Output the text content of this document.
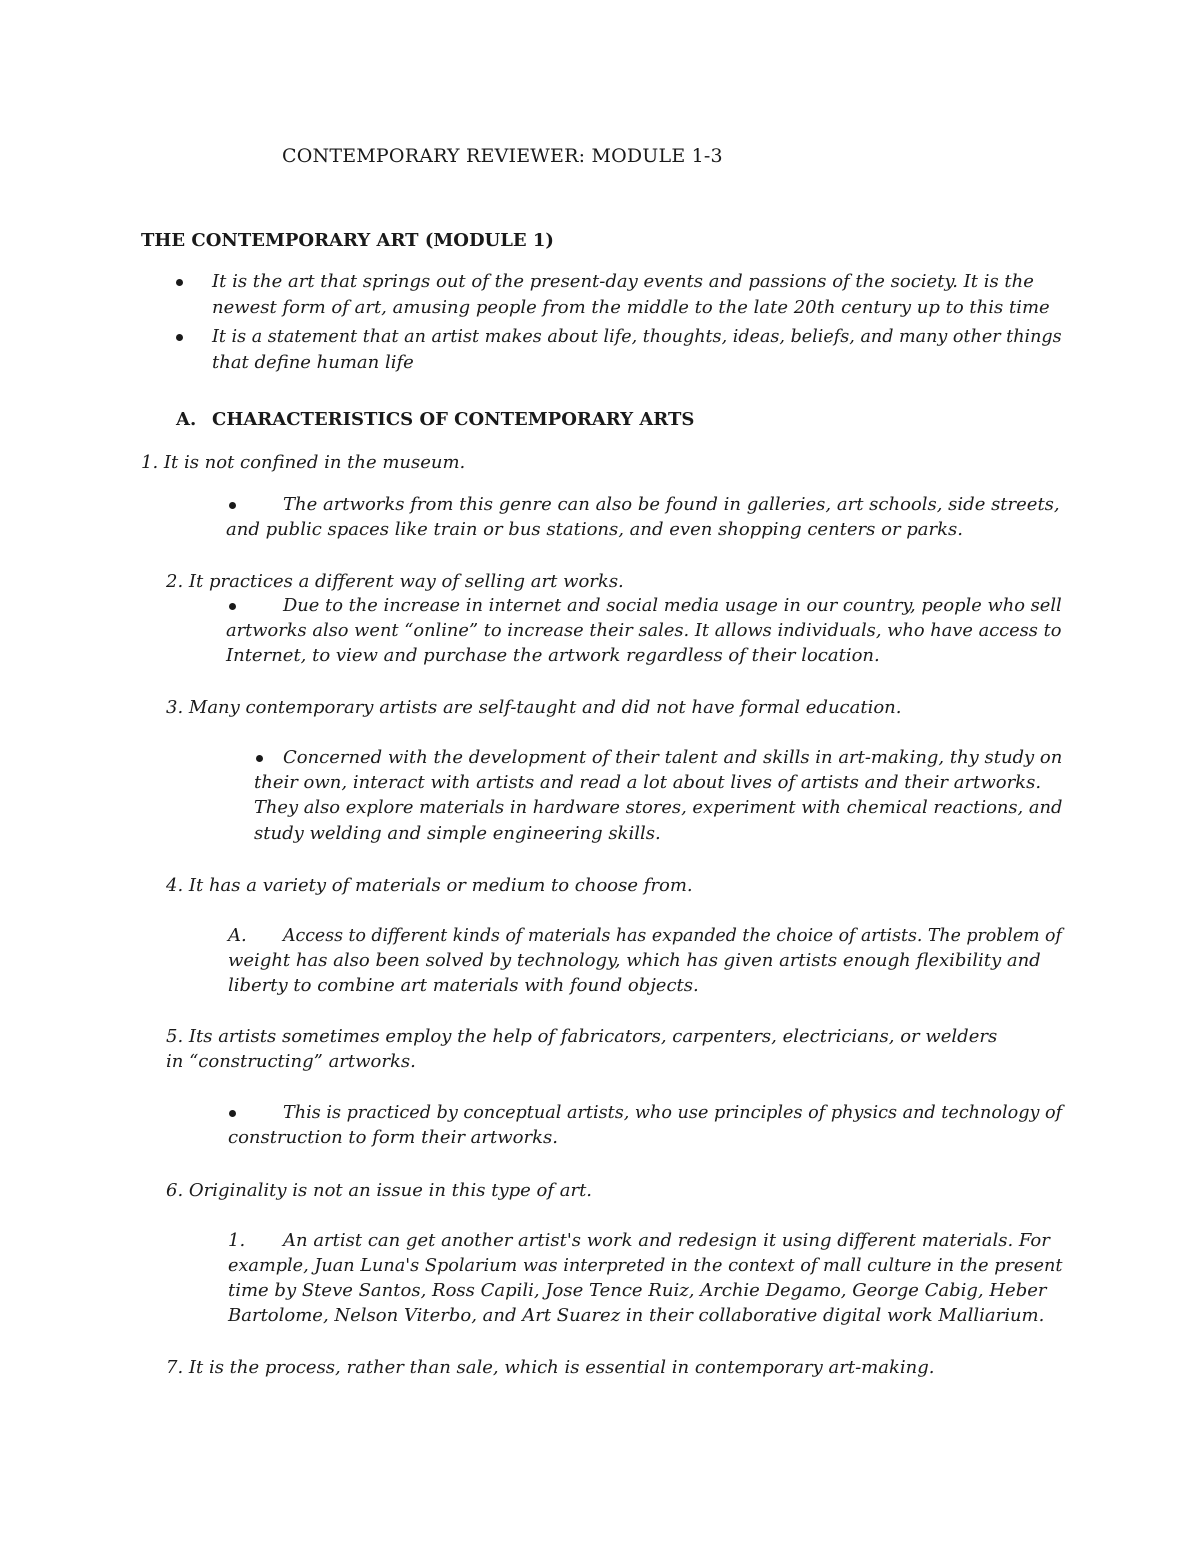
CONTEMPORARY REVIEWER: MODULE 1-3
THE CONTEMPORARY ART (MODULE 1)
It is the art that springs out of the present-day events and passions of the society. It is the
newest form of art, amusing people from the middle to the late 20th century up to this time
It is a statement that an artist makes about life, thoughts, ideas, beliefs, and many other things
that define human life
A. CHARACTERISTICS OF CONTEMPORARY ARTS
1. It is not confined in the museum.
The artworks from this genre can also be found in galleries, art schools, side streets,
and public spaces like train or bus stations, and even shopping centers or parks.
2. It practices a different way of selling art works.
Due to the increase in internet and social media usage in our country, people who sell
artworks also went “online” to increase their sales. It allows individuals, who have access to
Internet, to view and purchase the artwork regardless of their location.
3. Many contemporary artists are self-taught and did not have formal education.
Concerned with the development of their talent and skills in art-making, thy study on
their own, interact with artists and read a lot about lives of artists and their artworks.
They also explore materials in hardware stores, experiment with chemical reactions, and
study welding and simple engineering skills.
4. It has a variety of materials or medium to choose from.
A. Access to different kinds of materials has expanded the choice of artists. The problem of
weight has also been solved by technology, which has given artists enough flexibility and
liberty to combine art materials with found objects.
5. Its artists sometimes employ the help of fabricators, carpenters, electricians, or welders
in “constructing” artworks.
This is practiced by conceptual artists, who use principles of physics and technology of
construction to form their artworks.
6. Originality is not an issue in this type of art.
1. An artist can get another artist's work and redesign it using different materials. For
example, Juan Luna's Spolarium was interpreted in the context of mall culture in the present
time by Steve Santos, Ross Capili, Jose Tence Ruiz, Archie Degamo, George Cabig, Heber
Bartolome, Nelson Viterbo, and Art Suarez in their collaborative digital work Malliarium.
7. It is the process, rather than sale, which is essential in contemporary art-making.
